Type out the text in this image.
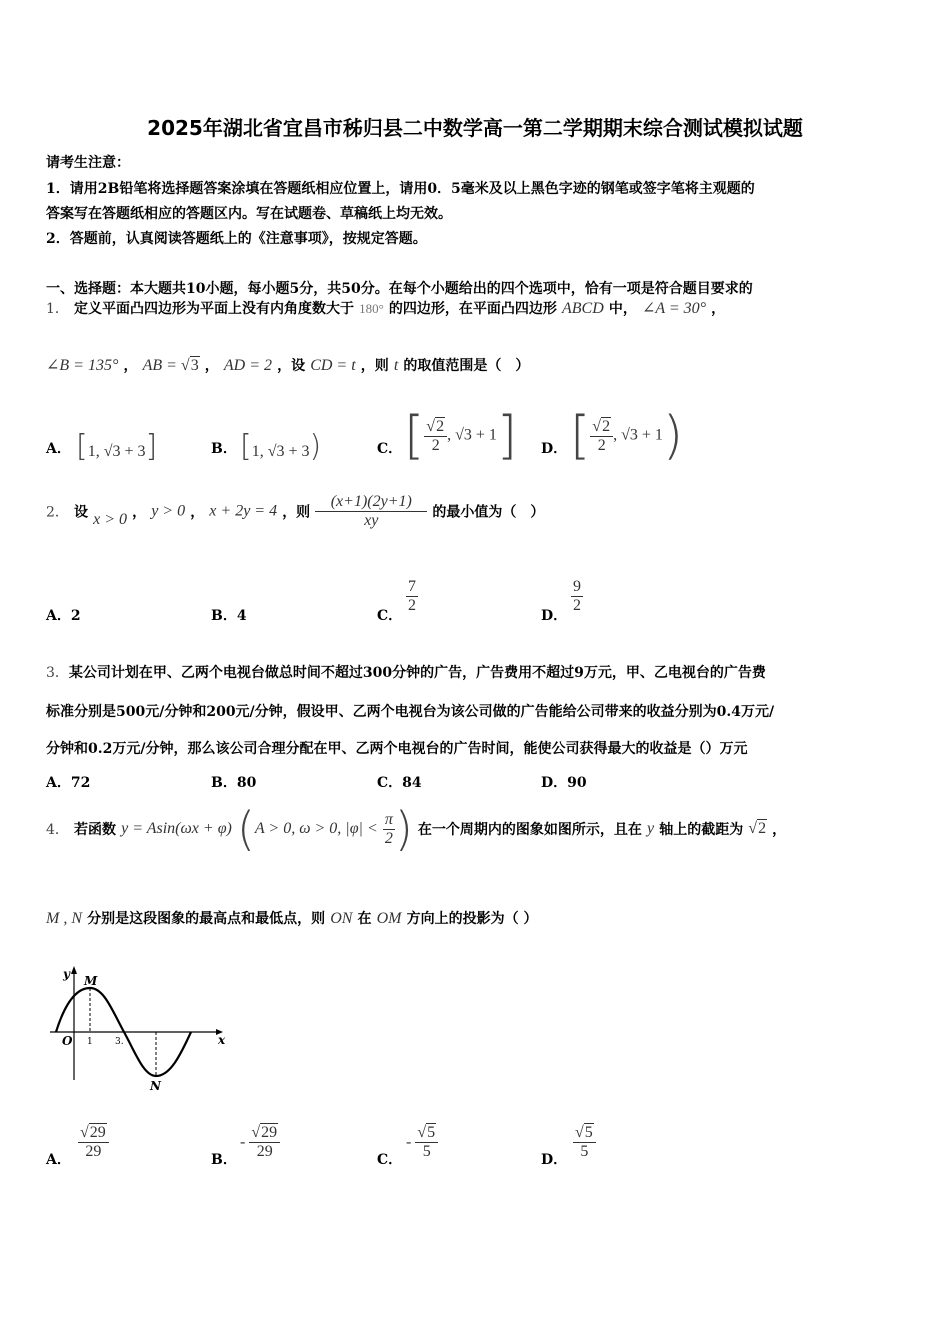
2025年湖北省宜昌市秭归县二中数学高一第二学期期末综合测试模拟试题
请考生注意：
1．请用2B铅笔将选择题答案涂填在答题纸相应位置上，请用0．5毫米及以上黑色字迹的钢笔或签字笔将主观题的
答案写在答题纸相应的答题区内。写在试题卷、草稿纸上均无效。
2．答题前，认真阅读答题纸上的《注意事项》，按规定答题。
一、选择题：本大题共10小题，每小题5分，共50分。在每个小题给出的四个选项中，恰有一项是符合题目要求的
1． 定义平面凸四边形为平面上没有内角度数大于 180° 的四边形，在平面凸四边形 ABCD 中， ∠A = 30° ，
∠B = 135° ， AB = √3 ， AD = 2 ，设 CD = t ，则 t 的取值范围是（　）
A． [1, √3 + 3]	B． [1, √3 + 3)	C． [ $\frac{√2}{2}$ , √3 + 1] D． [ $\frac{√2}{2}$ , √3 + 1)
2． 设 x > 0 ， y > 0 ， x + 2y = 4 ，则 $\frac{(x+1)(2y+1)}{xy}$ 的最小值为（　）
A．2	B．4	C．
$\frac{7}{2}$
D．
$\frac{9}{2}$
3．某公司计划在甲、乙两个电视台做总时间不超过300分钟的广告，广告费用不超过9万元，甲、乙电视台的广告费
标准分别是500元/分钟和200元/分钟，假设甲、乙两个电视台为该公司做的广告能给公司带来的收益分别为0.4万元/
分钟和0.2万元/分钟，那么该公司合理分配在甲、乙两个电视台的广告时间，能使公司获得最大的收益是（）万元
A．72	B．80	C．84	D．90
4． 若函数 y = Asin(ωx + φ) (A > 0, ω > 0, $|\varphi| < \frac{\pi}{2}$ ) 在一个周期内的图象如图所示，且在 y 轴上的截距为 √2 ，
M , N 分别是这段图象的最高点和最低点，则 ON 在 OM 方向上的投影为（ ）
y
x
M
N
O 1 3.
A． $\frac{√29}{29}$	B．
- $\frac{√29}{29}$	C．
- $\frac{√5}{5}$	D． $\frac{√5}{5}$
